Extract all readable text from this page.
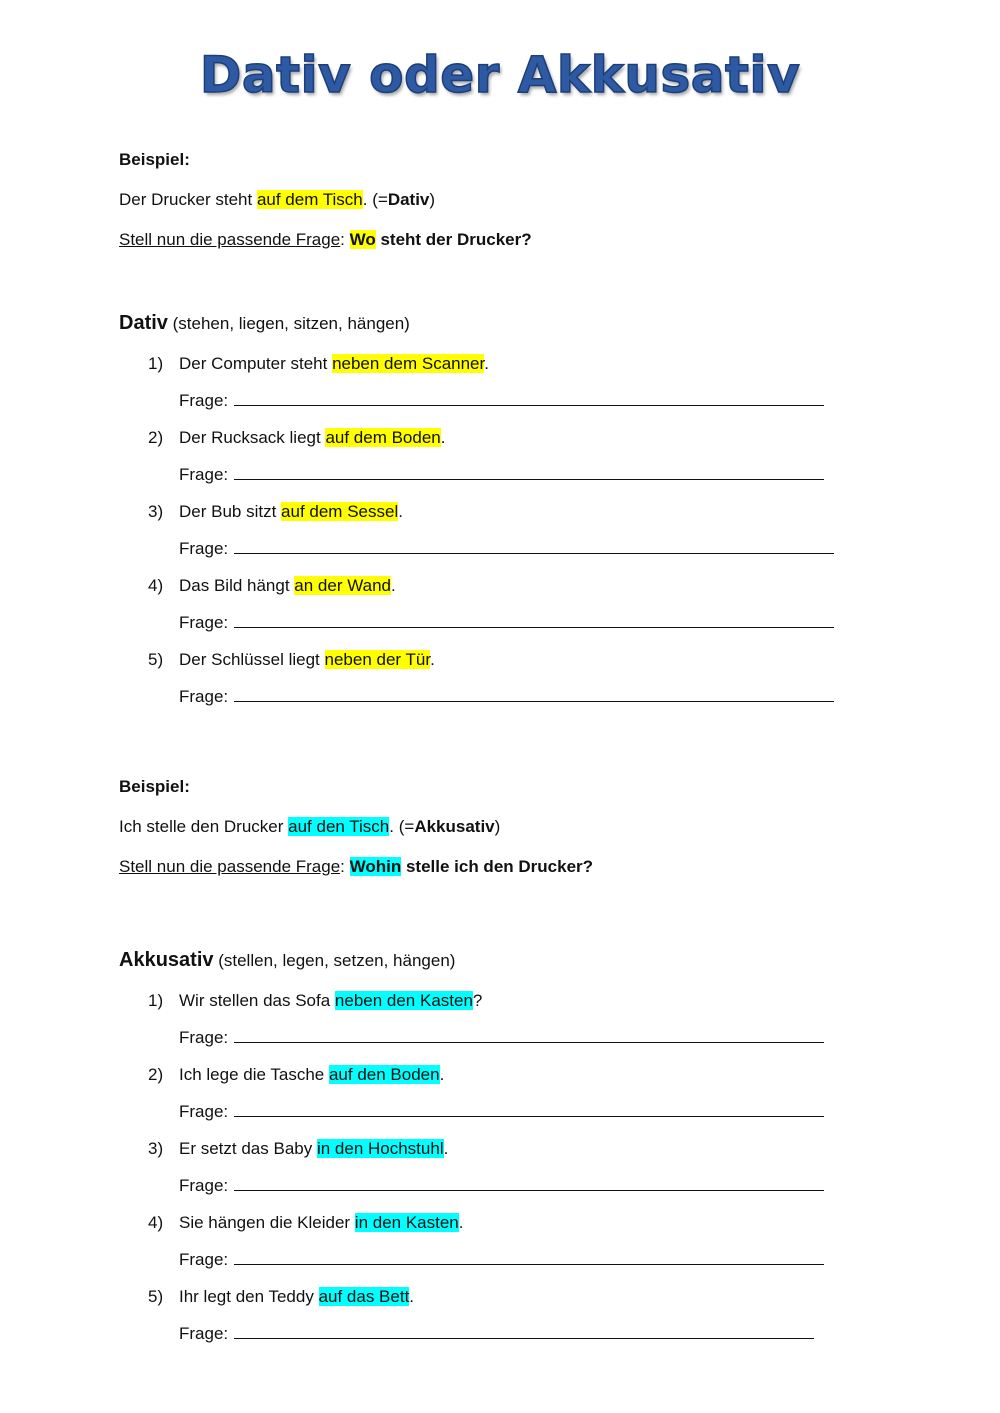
Dativ oder Akkusativ
Beispiel:
Der Drucker steht auf dem Tisch. (=Dativ)
Stell nun die passende Frage: Wo steht der Drucker?
Dativ (stehen, liegen, sitzen, hängen)
1) Der Computer steht neben dem Scanner.
Frage:
2) Der Rucksack liegt auf dem Boden.
Frage:
3) Der Bub sitzt auf dem Sessel.
Frage:
4) Das Bild hängt an der Wand.
Frage:
5) Der Schlüssel liegt neben der Tür.
Frage:
Beispiel:
Ich stelle den Drucker auf den Tisch. (=Akkusativ)
Stell nun die passende Frage: Wohin stelle ich den Drucker?
Akkusativ (stellen, legen, setzen, hängen)
1) Wir stellen das Sofa neben den Kasten?
Frage:
2) Ich lege die Tasche auf den Boden.
Frage:
3) Er setzt das Baby in den Hochstuhl.
Frage:
4) Sie hängen die Kleider in den Kasten.
Frage:
5) Ihr legt den Teddy auf das Bett.
Frage:
